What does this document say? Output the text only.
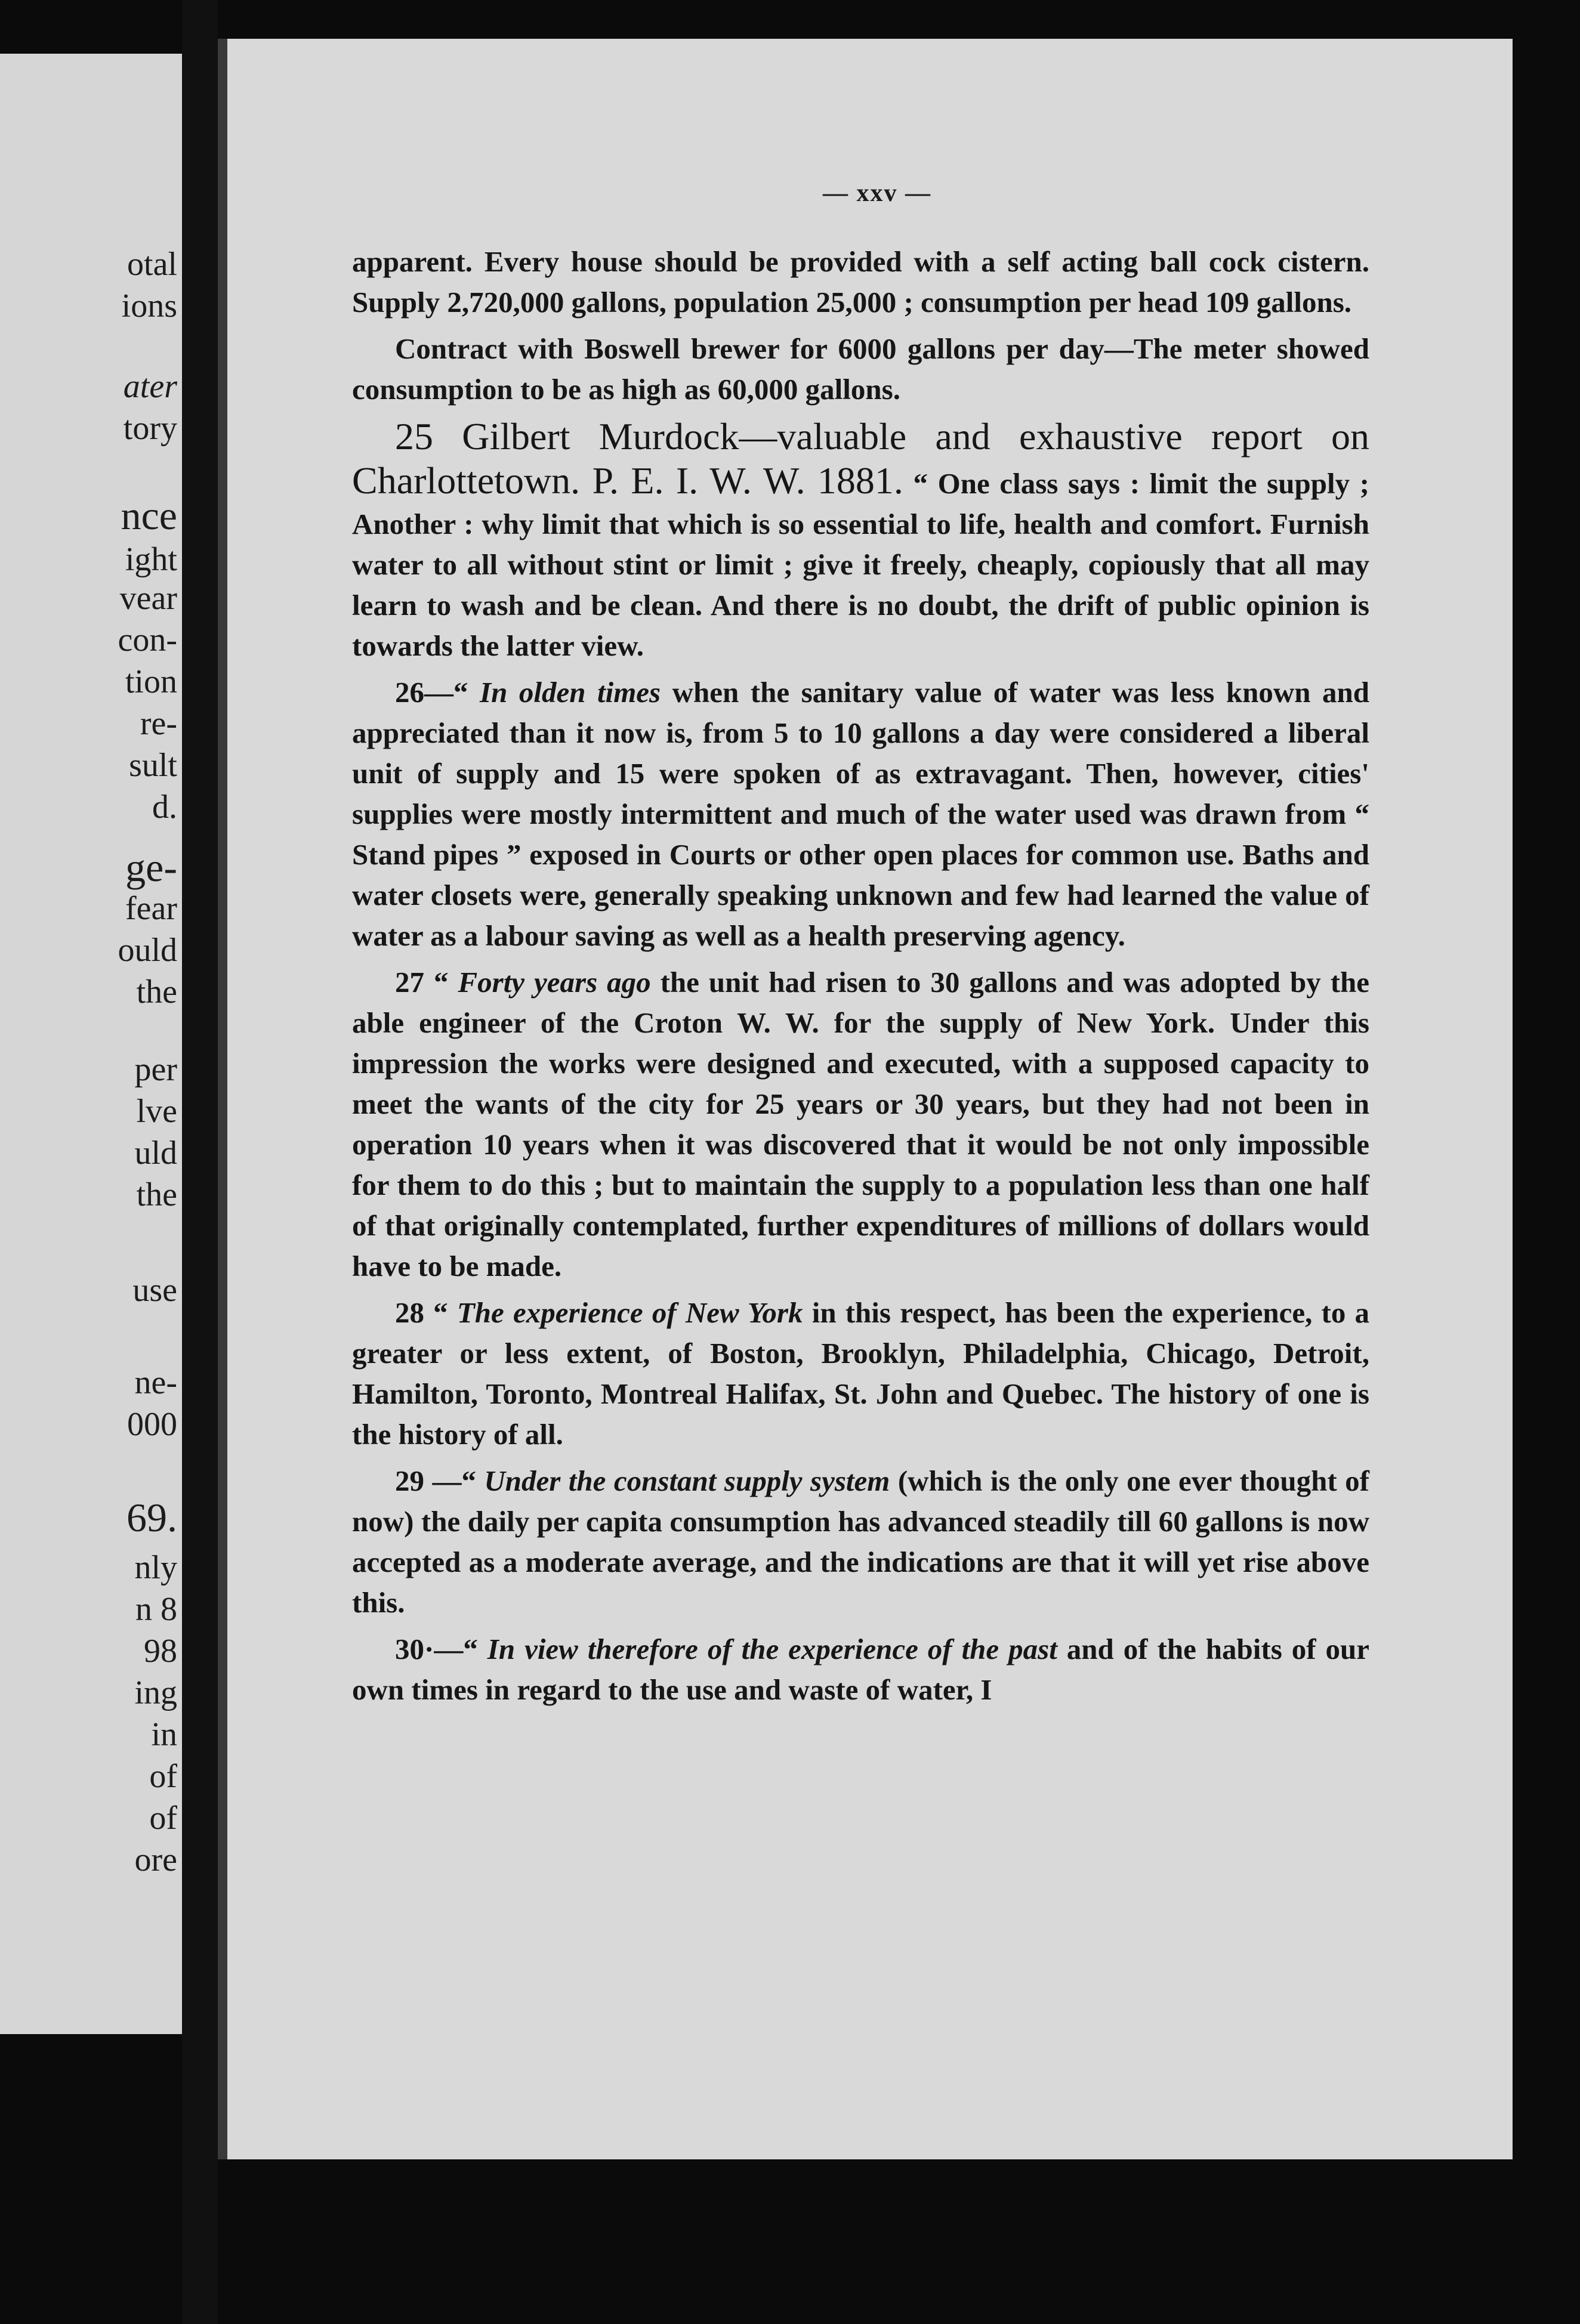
otal
ions
ater
tory
nce
ight
vear
con-
tion
re-
sult
d.
ge-
fear
ould
the
per
lve
uld
the
use
ne-
000
69.
nly
n 8
98
ing
in
of
of
ore
— xxv —

apparent. Every house should be provided with a self acting ball cock cistern. Supply 2,720,000 gallons, population 25,000 ; consumption per head 109 gallons.

Contract with Boswell brewer for 6000 gallons per day—The meter showed consumption to be as high as 60,000 gallons.

25 Gilbert Murdock—valuable and exhaustive report on Charlottetown. P. E. I. W. W. 1881. “ One class says : limit the supply ; Another : why limit that which is so essential to life, health and comfort. Furnish water to all without stint or limit ; give it freely, cheaply, copiously that all may learn to wash and be clean. And there is no doubt, the drift of public opinion is towards the latter view.

26—“ In olden times when the sanitary value of water was less known and appreciated than it now is, from 5 to 10 gallons a day were considered a liberal unit of supply and 15 were spoken of as extravagant. Then, however, cities' supplies were mostly intermittent and much of the water used was drawn from “ Stand pipes ” exposed in Courts or other open places for common use. Baths and water closets were, generally speaking unknown and few had learned the value of water as a labour saving as well as a health preserving agency.

27 “ Forty years ago the unit had risen to 30 gallons and was adopted by the able engineer of the Croton W. W. for the supply of New York. Under this impression the works were designed and executed, with a supposed capacity to meet the wants of the city for 25 years or 30 years, but they had not been in operation 10 years when it was discovered that it would be not only impossible for them to do this ; but to maintain the supply to a population less than one half of that originally contemplated, further expenditures of millions of dollars would have to be made.

28 “ The experience of New York in this respect, has been the experience, to a greater or less extent, of Boston, Brooklyn, Philadelphia, Chicago, Detroit, Hamilton, Toronto, Montreal Halifax, St. John and Quebec. The history of one is the history of all.

29 —“ Under the constant supply system (which is the only one ever thought of now) the daily per capita consumption has advanced steadily till 60 gallons is now accepted as a moderate average, and the indications are that it will yet rise above this.

30·—“ In view therefore of the experience of the past and of the habits of our own times in regard to the use and waste of water, I
